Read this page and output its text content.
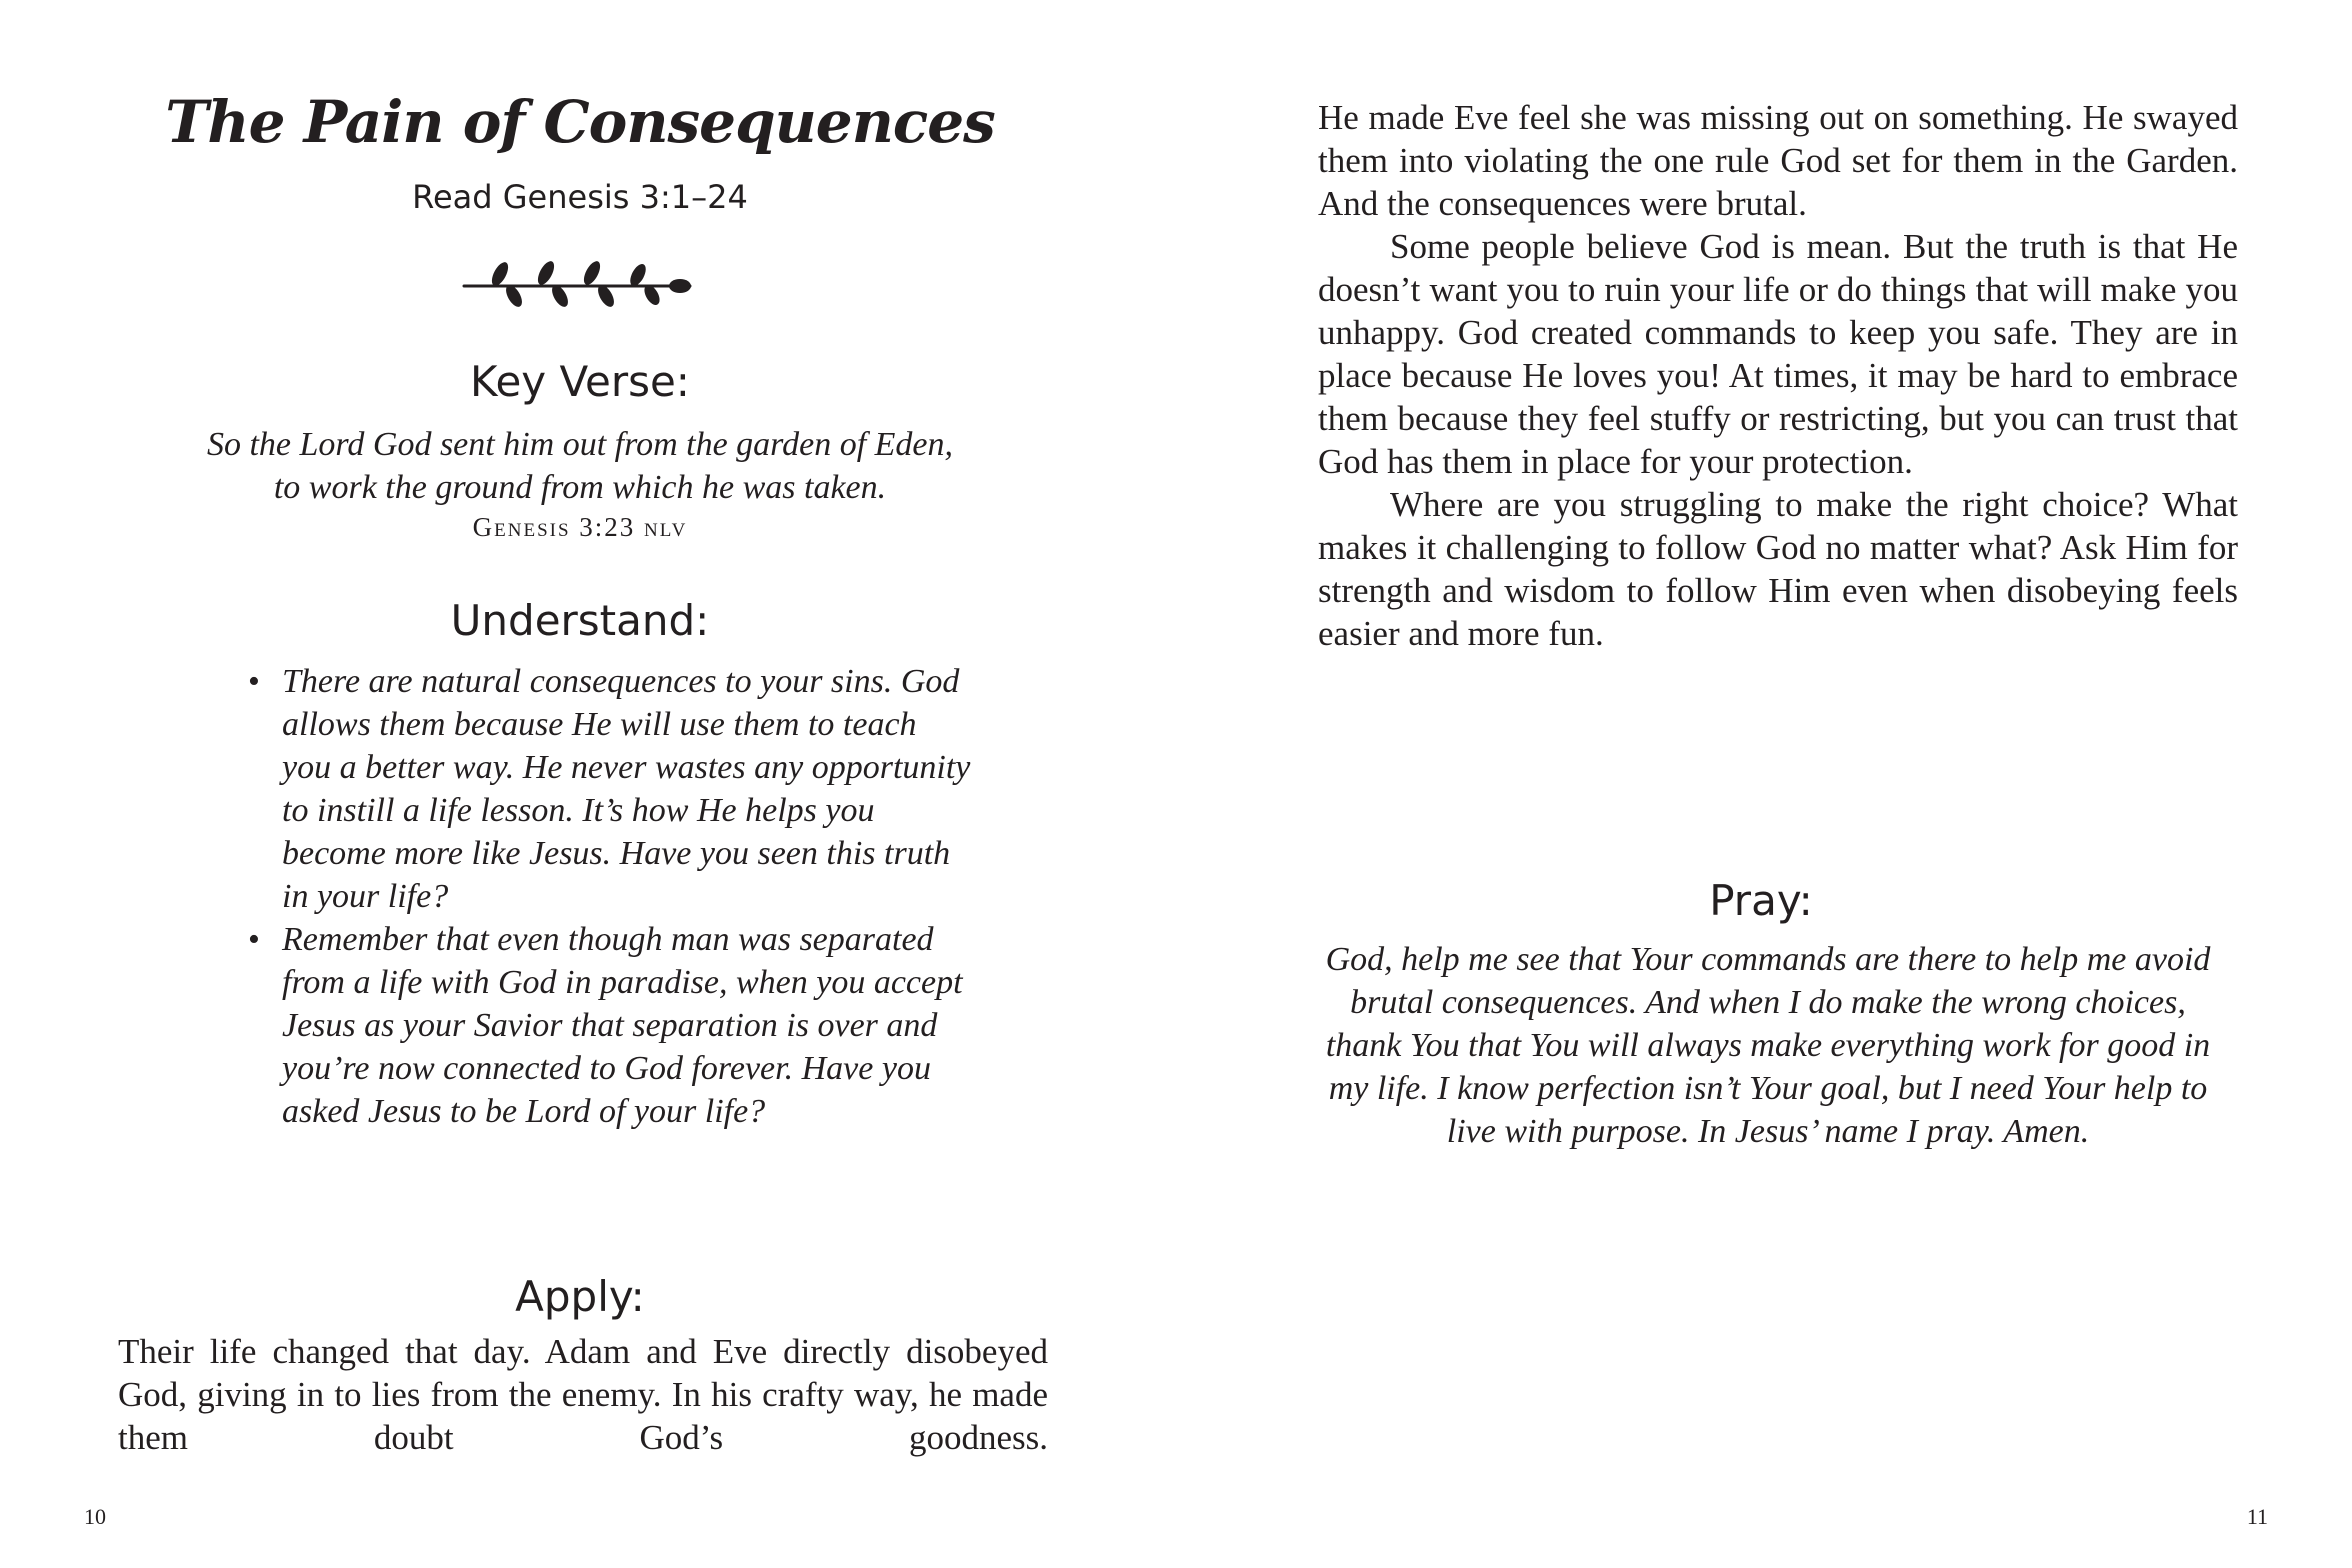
The Pain of Consequences
Read Genesis 3:1–24
Key Verse:
So the Lord God sent him out from the garden of Eden,
to work the ground from which he was taken.
Genesis 3:23 nlv
Understand:
• There are natural consequences to your sins. God allows them because He will use them to teach you a better way. He never wastes any opportunity to instill a life lesson. It’s how He helps you become more like Jesus. Have you seen this truth in your life?
• Remember that even though man was separated from a life with God in paradise, when you accept Jesus as your Savior that separation is over and you’re now connected to God forever. Have you asked Jesus to be Lord of your life?
Apply:
Their life changed that day. Adam and Eve directly disobeyed God, giving in to lies from the enemy. In his crafty way, he made them doubt God’s goodness.
10

He made Eve feel she was missing out on something. He swayed them into violating the one rule God set for them in the Garden. And the consequences were brutal.

Some people believe God is mean. But the truth is that He doesn’t want you to ruin your life or do things that will make you unhappy. God created commands to keep you safe. They are in place because He loves you! At times, it may be hard to embrace them because they feel stuffy or restricting, but you can trust that God has them in place for your protection.

Where are you struggling to make the right choice? What makes it challenging to follow God no matter what? Ask Him for strength and wisdom to follow Him even when disobeying feels easier and more fun.

Pray:
God, help me see that Your commands are there to help me avoid brutal consequences. And when I do make the wrong choices, thank You that You will always make everything work for good in my life. I know perfection isn’t Your goal, but I need Your help to live with purpose. In Jesus’ name I pray. Amen.
11
